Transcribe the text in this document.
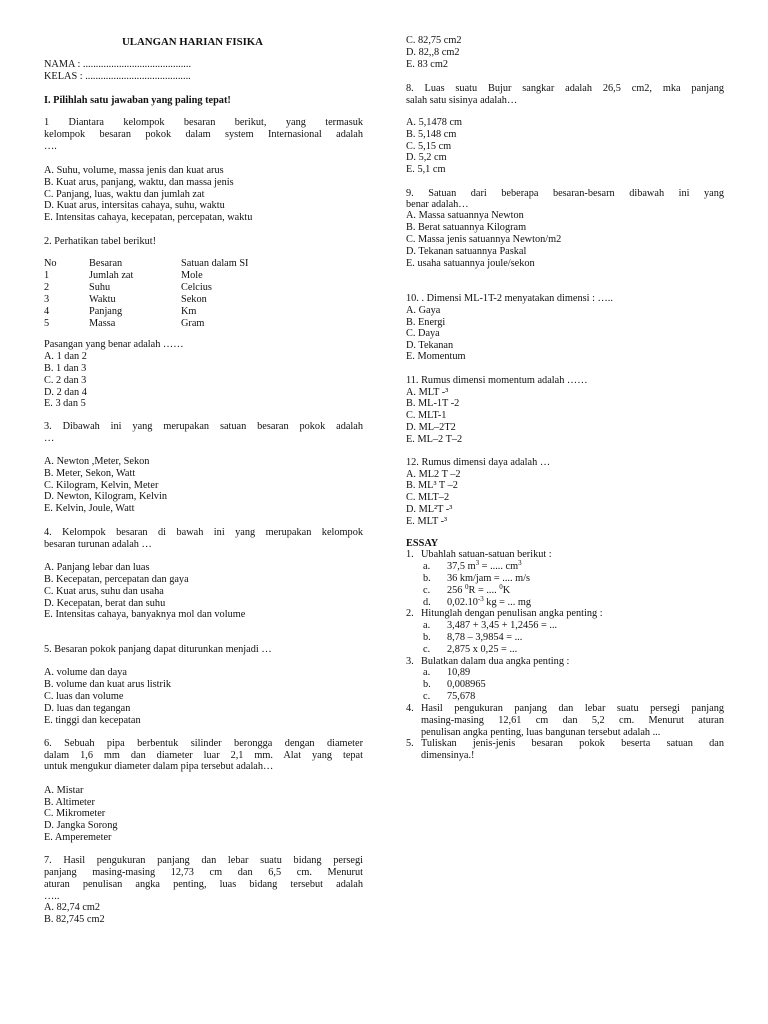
ULANGAN HARIAN FISIKA
NAMA : ..........................................
KELAS : .........................................
I. Pilihlah satu jawaban yang paling tepat!
1 Diantara kelompok besaran berikut, yang termasuk
kelompok besaran pokok dalam system Internasional adalah
….
A. Suhu, volume, massa jenis dan kuat arus
B. Kuat arus, panjang, waktu, dan massa jenis
C. Panjang, luas, waktu dan jumlah zat
D. Kuat arus, intersitas cahaya, suhu, waktu
E. Intensitas cahaya, kecepatan, percepatan, waktu
2. Perhatikan tabel berikut!
No	Besaran	Satuan dalam SI
1	Jumlah zat	Mole
2	Suhu	Celcius
3	Waktu	Sekon
4	Panjang	Km
5	Massa	Gram
Pasangan yang benar adalah ……
A. 1 dan 2
B. 1 dan 3
C. 2 dan 3
D. 2 dan 4
E. 3 dan 5
3. Dibawah ini yang merupakan satuan besaran pokok adalah
…
A. Newton ,Meter, Sekon
B. Meter, Sekon, Watt
C. Kilogram, Kelvin, Meter
D. Newton, Kilogram, Kelvin
E. Kelvin, Joule, Watt
4. Kelompok besaran di bawah ini yang merupakan kelompok
besaran turunan adalah …
A. Panjang lebar dan luas
B. Kecepatan, percepatan dan gaya
C. Kuat arus, suhu dan usaha
D. Kecepatan, berat dan suhu
E. Intensitas cahaya, banyaknya mol dan volume
5. Besaran pokok panjang dapat diturunkan menjadi …
A. volume dan daya
B. volume dan kuat arus listrik
C. luas dan volume
D. luas dan tegangan
E. tinggi dan kecepatan
6. Sebuah pipa berbentuk silinder berongga dengan diameter
dalam 1,6 mm dan diameter luar 2,1 mm. Alat yang tepat
untuk mengukur diameter dalam pipa tersebut adalah…
A. Mistar
B. Altimeter
C. Mikrometer
D. Jangka Sorong
E. Amperemeter
7. Hasil pengukuran panjang dan lebar suatu bidang persegi
panjang masing-masing 12,73 cm dan 6,5 cm. Menurut
aturan penulisan angka penting, luas bidang tersebut adalah
…..
A. 82,74 cm2
B. 82,745 cm2
C. 82,75 cm2
D. 82,,8 cm2
E. 83 cm2
8. Luas suatu Bujur sangkar adalah 26,5 cm2, mka panjang
salah satu sisinya adalah…
A. 5,1478 cm
B. 5,148 cm
C. 5,15 cm
D. 5,2 cm
E. 5,1 cm
9. Satuan dari beberapa besaran-besarn dibawah ini yang
benar adalah…
A. Massa satuannya Newton
B. Berat satuannya Kilogram
C. Massa jenis satuannya Newton/m2
D. Tekanan satuannya Paskal
E. usaha satuannya joule/sekon
10. . Dimensi ML-1T-2 menyatakan dimensi : …..
A. Gaya
B. Energi
C. Daya
D. Tekanan
E. Momentum
11. Rumus dimensi momentum adalah ……
A. MLT -³
B. ML-1T -2
C. MLT-1
D. ML–2T2
E. ML–2 T–2
12. Rumus dimensi daya adalah …
A. ML2 T –2
B. ML³ T –2
C. MLT–2
D. ML²T -³
E. MLT -³
ESSAY
1. Ubahlah satuan-satuan berikut :
a. 37,5 $m^3$ = ..... $cm^3$
b. 36 km/jam = .... m/s
c. 256 $^0$R = .... $^0$K
d. $0,02.10^{-3}$ kg = ... mg
2. Hitunglah dengan penulisan angka penting :
a. 3,487 + 3,45 + 1,2456 = ...
b. 8,78 – 3,9854 = ...
c. 2,875 x 0,25 = ...
3. Bulatkan dalam dua angka penting :
a. 10,89
b. 0,008965
c. 75,678
4. Hasil pengukuran panjang dan lebar suatu persegi panjang
masing-masing 12,61 cm dan 5,2 cm. Menurut aturan
penulisan angka penting, luas bangunan tersebut adalah ...
5. Tuliskan jenis-jenis besaran pokok beserta satuan dan
dimensinya.!
